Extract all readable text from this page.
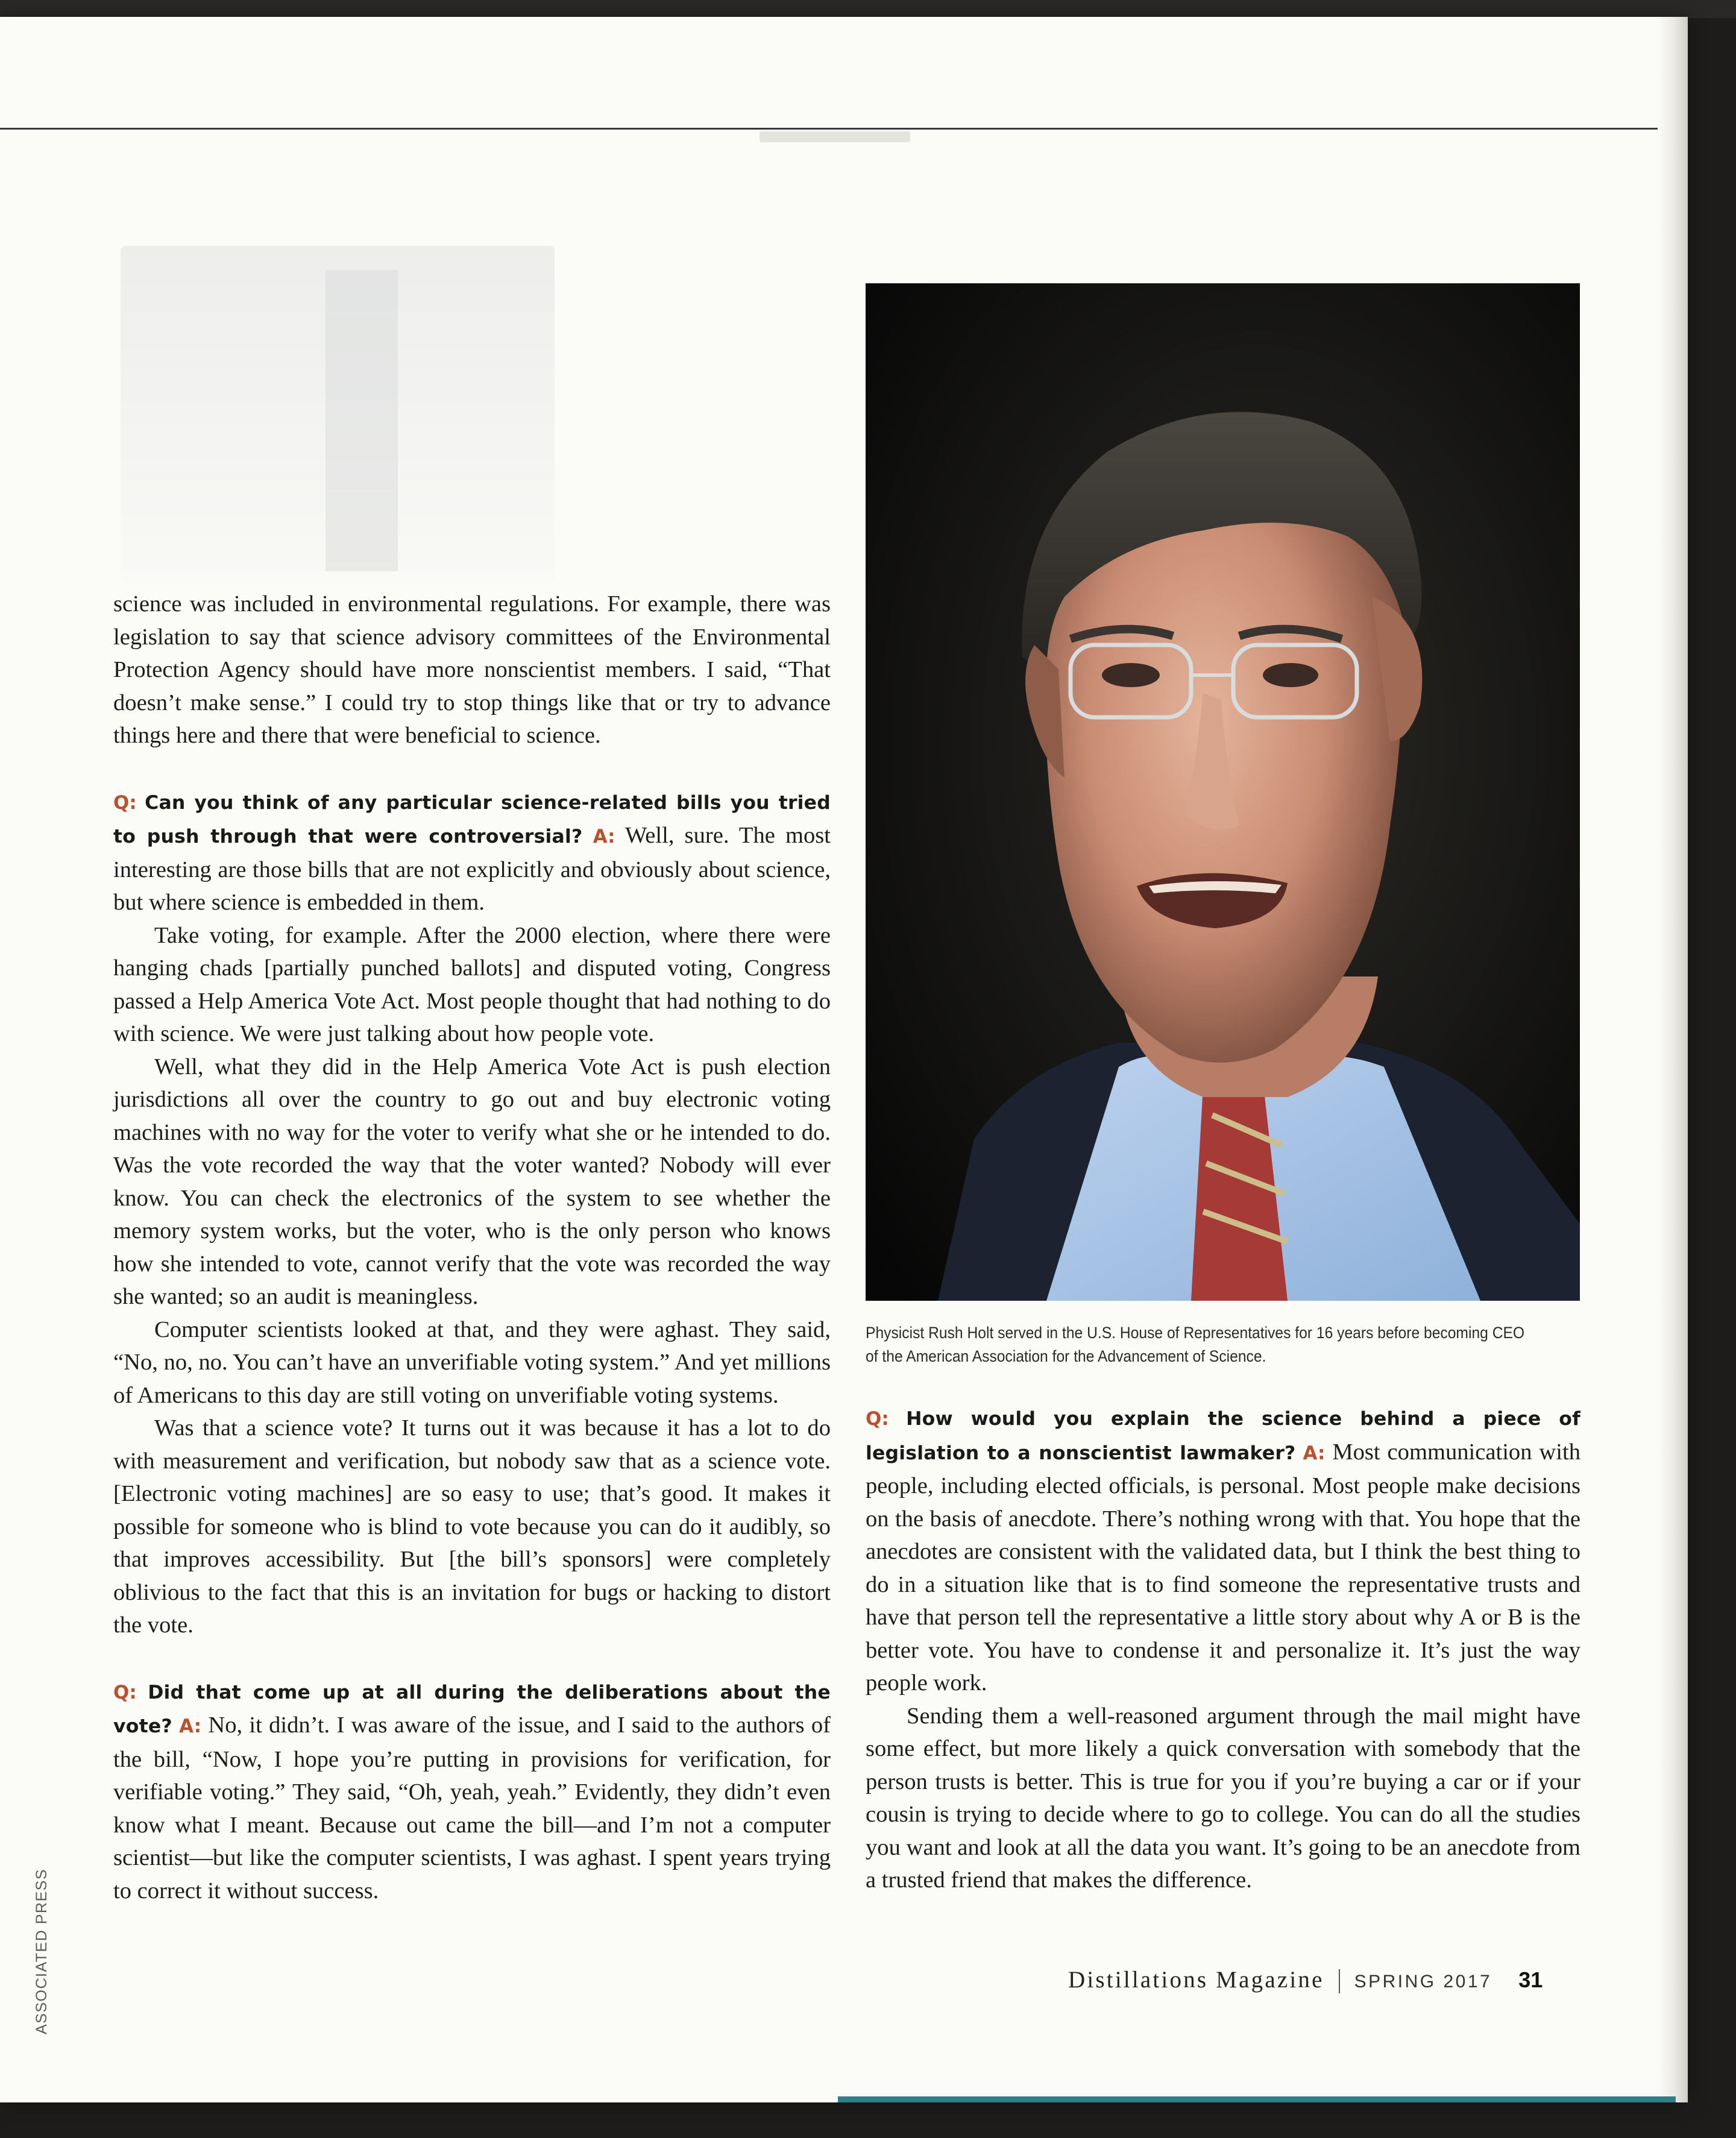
science was included in environmental regulations. For example, there was legislation to say that science advisory committees of the Environmental Protection Agency should have more nonscientist members. I said, “That doesn’t make sense.” I could try to stop things like that or try to advance things here and there that were beneficial to science.

Q: Can you think of any particular science-related bills you tried to push through that were controversial? A: Well, sure. The most interesting are those bills that are not explicitly and obviously about science, but where science is embedded in them.

Take voting, for example. After the 2000 election, where there were hanging chads [partially punched ballots] and disputed voting, Congress passed a Help America Vote Act. Most people thought that had nothing to do with science. We were just talking about how people vote.

Well, what they did in the Help America Vote Act is push election jurisdictions all over the country to go out and buy electronic voting machines with no way for the voter to verify what she or he intended to do. Was the vote recorded the way that the voter wanted? Nobody will ever know. You can check the electronics of the system to see whether the memory system works, but the voter, who is the only person who knows how she intended to vote, cannot verify that the vote was recorded the way she wanted; so an audit is meaningless.

Computer scientists looked at that, and they were aghast. They said, “No, no, no. You can’t have an unverifiable voting system.” And yet millions of Americans to this day are still voting on unverifiable voting systems.

Was that a science vote? It turns out it was because it has a lot to do with measurement and verification, but nobody saw that as a science vote. [Electronic voting machines] are so easy to use; that’s good. It makes it possible for someone who is blind to vote because you can do it audibly, so that improves accessibility. But [the bill’s sponsors] were completely oblivious to the fact that this is an invitation for bugs or hacking to distort the vote.

Q: Did that come up at all during the deliberations about the vote? A: No, it didn’t. I was aware of the issue, and I said to the authors of the bill, “Now, I hope you’re putting in provisions for verification, for verifiable voting.” They said, “Oh, yeah, yeah.” Evidently, they didn’t even know what I meant. Because out came the bill—and I’m not a computer scientist—but like the computer scientists, I was aghast. I spent years trying to correct it without success.

Physicist Rush Holt served in the U.S. House of Representatives for 16 years before becoming CEO of the American Association for the Advancement of Science.

Q: How would you explain the science behind a piece of legislation to a nonscientist lawmaker? A: Most communication with people, including elected officials, is personal. Most people make decisions on the basis of anecdote. There’s nothing wrong with that. You hope that the anecdotes are consistent with the validated data, but I think the best thing to do in a situation like that is to find someone the representative trusts and have that person tell the representative a little story about why A or B is the better vote. You have to condense it and personalize it. It’s just the way people work.

Sending them a well-reasoned argument through the mail might have some effect, but more likely a quick conversation with somebody that the person trusts is better. This is true for you if you’re buying a car or if your cousin is trying to decide where to go to college. You can do all the studies you want and look at all the data you want. It’s going to be an anecdote from a trusted friend that makes the difference.

ASSOCIATED PRESS	Distillations Magazine SPRING 2017 31
